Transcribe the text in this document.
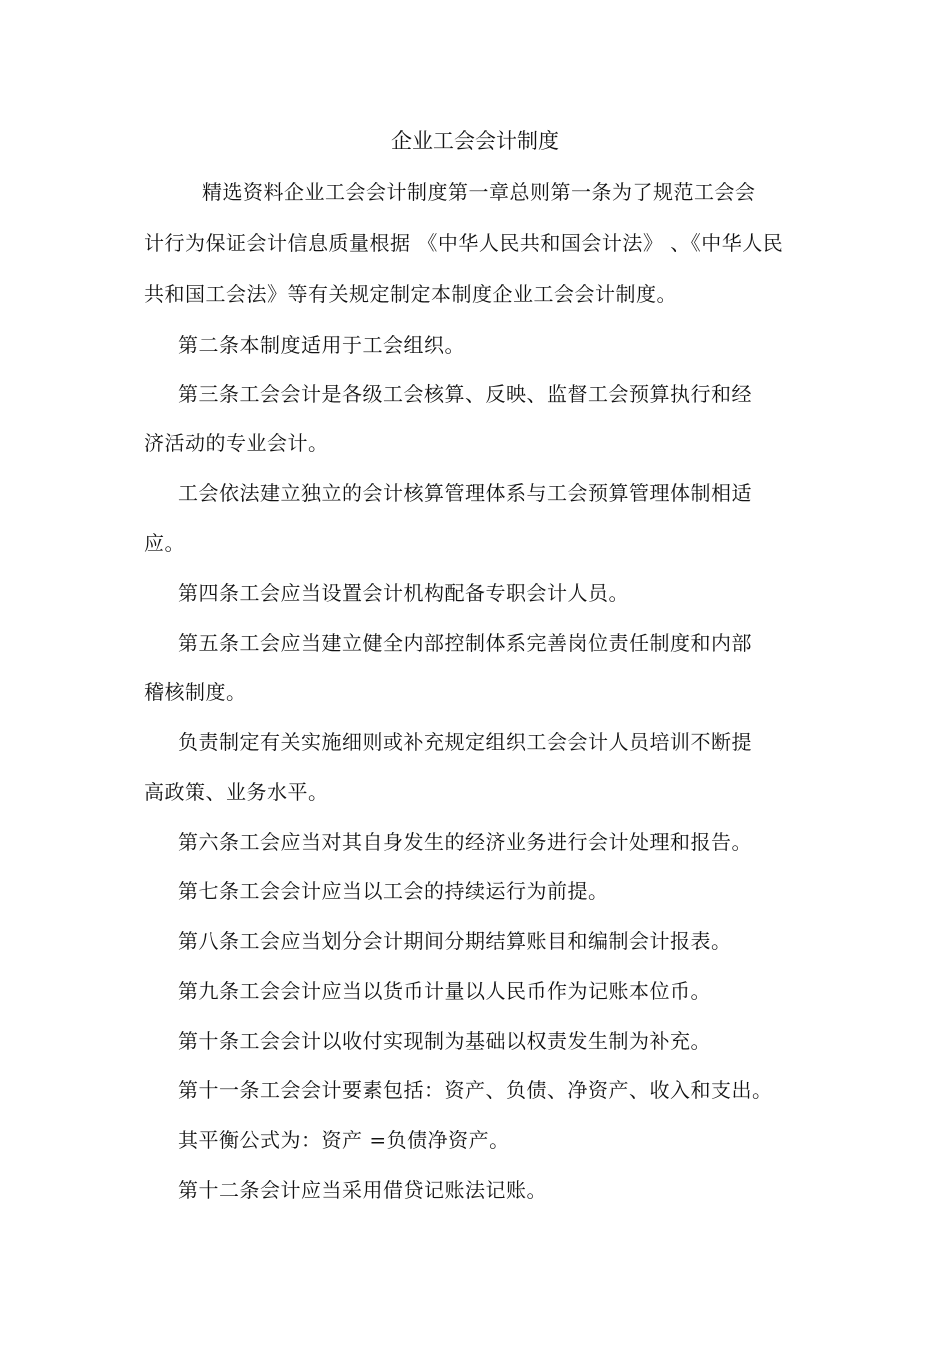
企业工会会计制度
精选资料企业工会会计制度第一章总则第一条为了规范工会会
计行为保证会计信息质量根据 《中华人民共和国会计法》 、《中华人民
共和国工会法》等有关规定制定本制度企业工会会计制度。
第二条本制度适用于工会组织。
第三条工会会计是各级工会核算、反映、监督工会预算执行和经
济活动的专业会计。
工会依法建立独立的会计核算管理体系与工会预算管理体制相适
应。
第四条工会应当设置会计机构配备专职会计人员。
第五条工会应当建立健全内部控制体系完善岗位责任制度和内部
稽核制度。
负责制定有关实施细则或补充规定组织工会会计人员培训不断提
高政策、业务水平。
第六条工会应当对其自身发生的经济业务进行会计处理和报告。
第七条工会会计应当以工会的持续运行为前提。
第八条工会应当划分会计期间分期结算账目和编制会计报表。
第九条工会会计应当以货币计量以人民币作为记账本位币。
第十条工会会计以收付实现制为基础以权责发生制为补充。
第十一条工会会计要素包括：资产、负债、净资产、收入和支出。
其平衡公式为：资产 =负债净资产。
第十二条会计应当采用借贷记账法记账。
